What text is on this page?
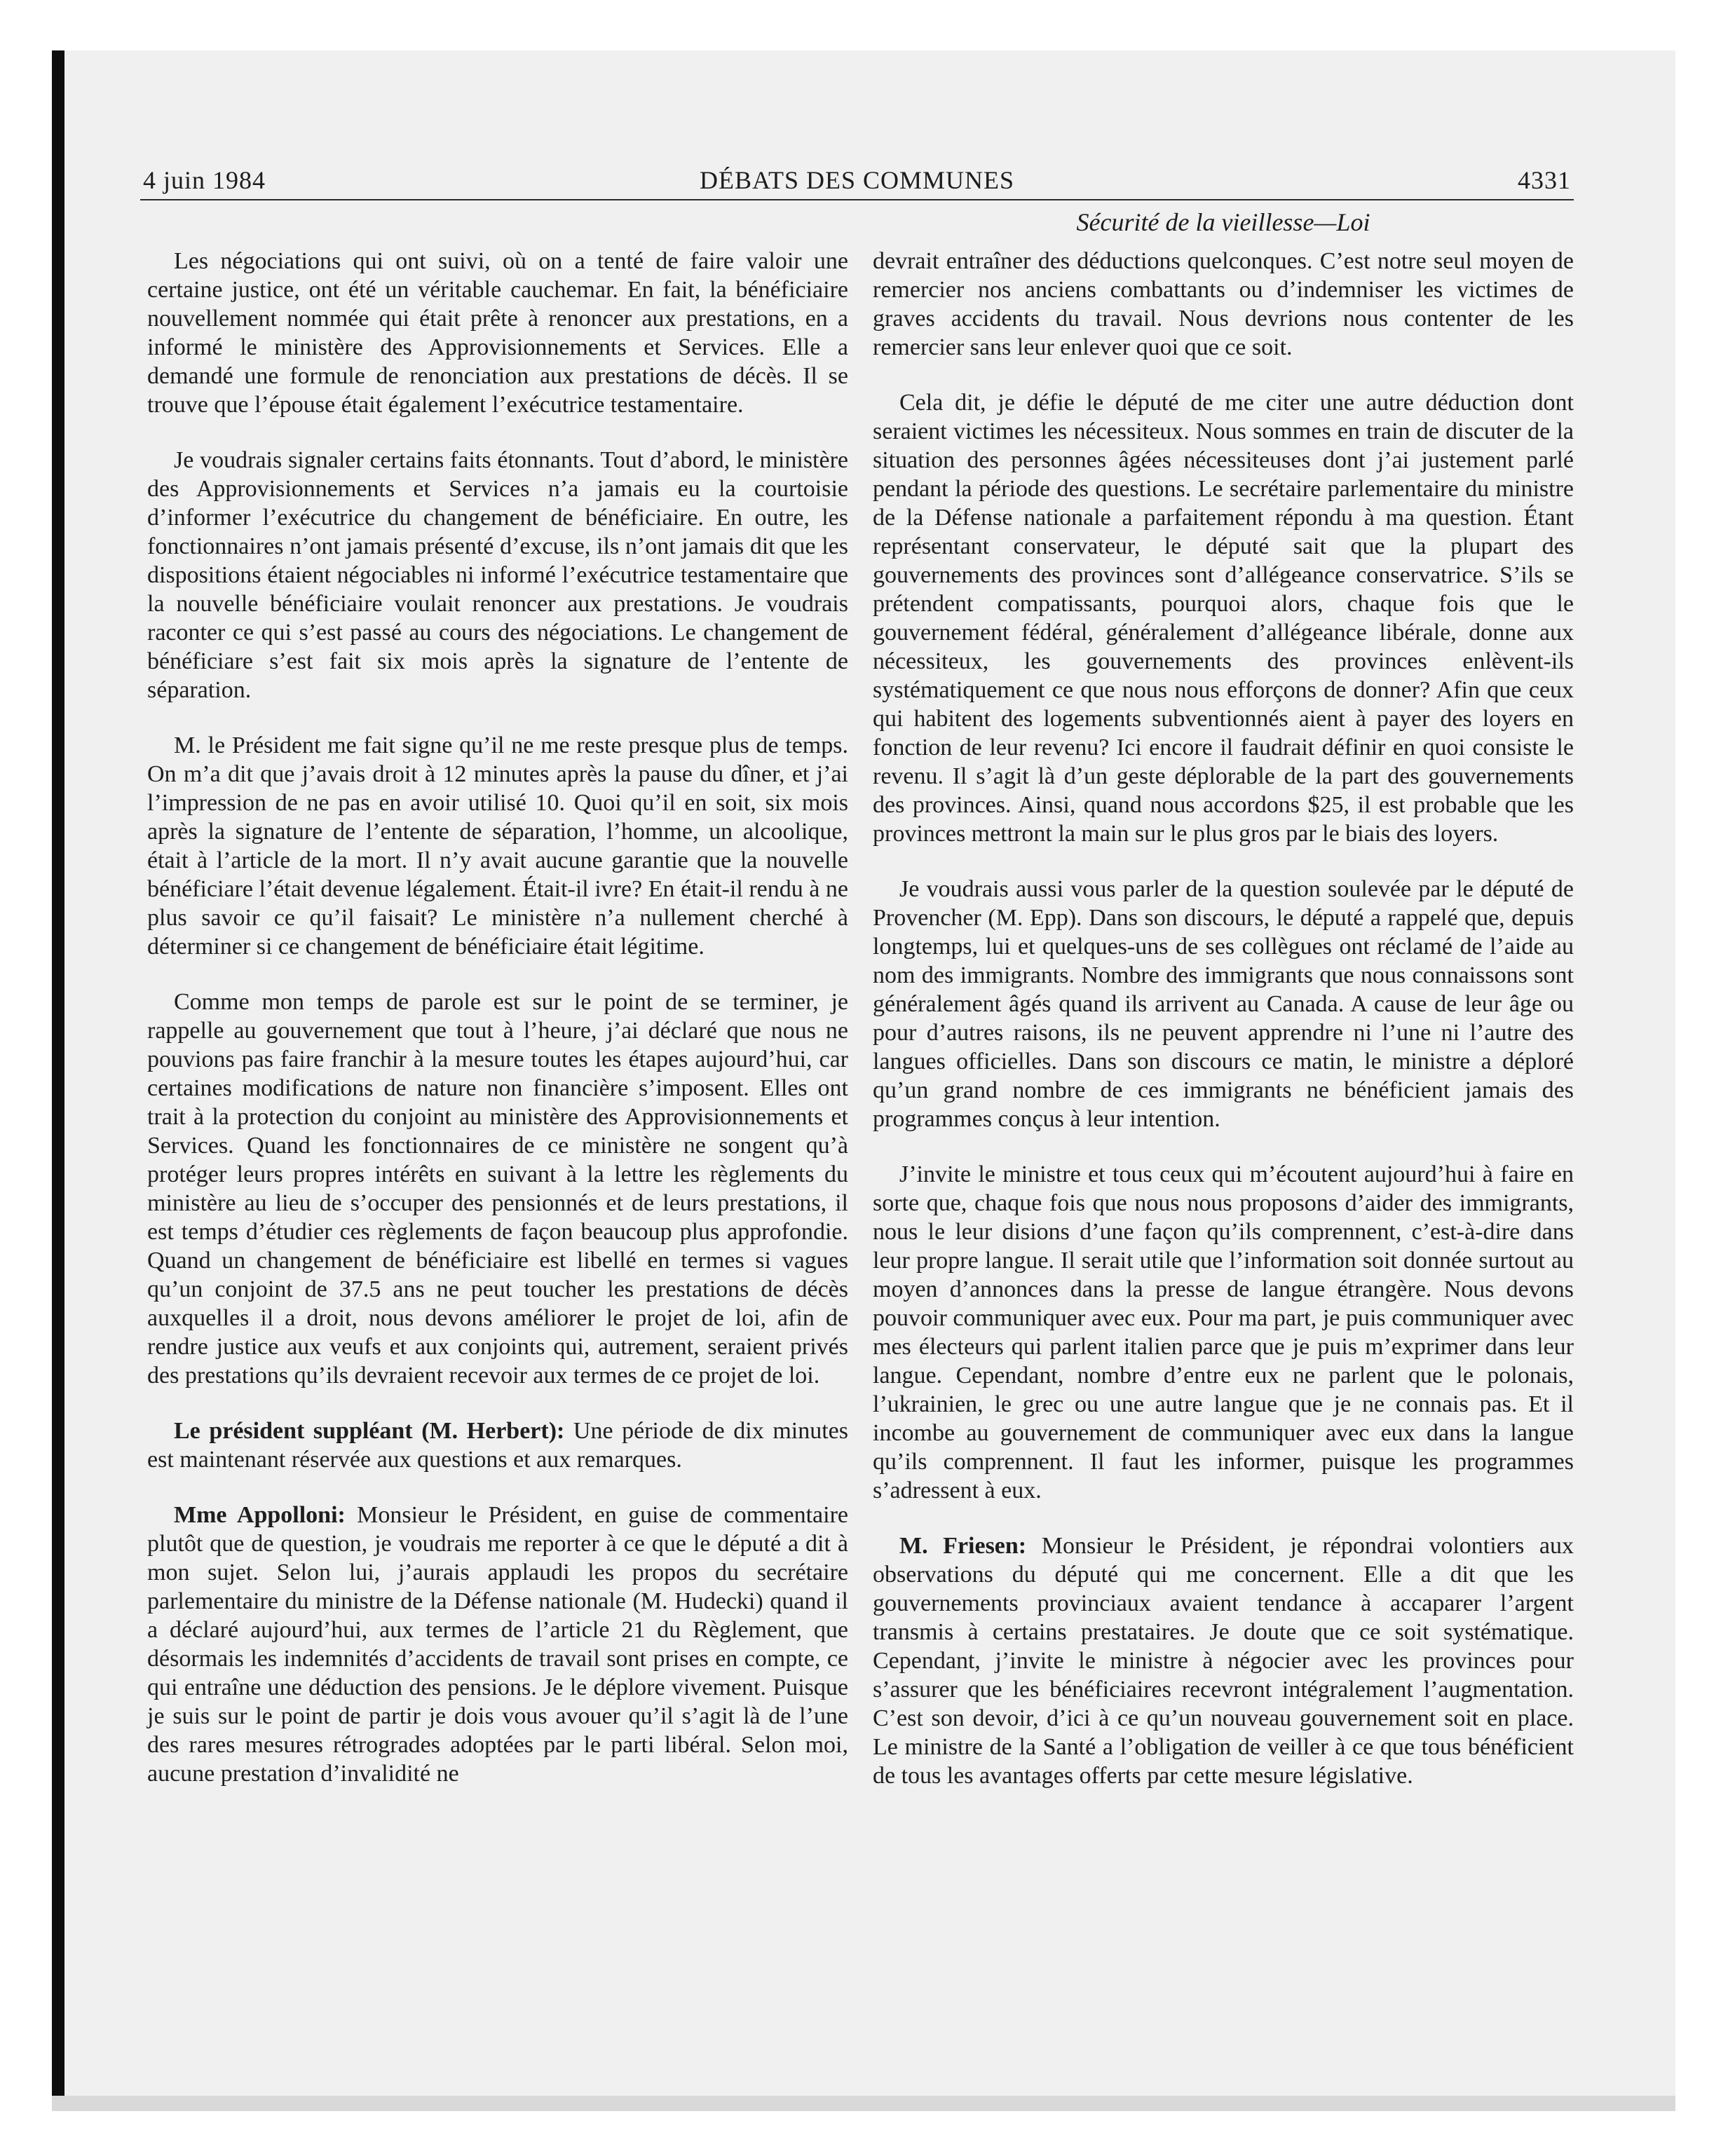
4 juin 1984	DÉBATS DES COMMUNES	4331
Sécurité de la vieillesse—Loi

Les négociations qui ont suivi, où on a tenté de faire valoir une certaine justice, ont été un véritable cauchemar. En fait, la bénéficiaire nouvellement nommée qui était prête à renoncer aux prestations, en a informé le ministère des Approvisionnements et Services. Elle a demandé une formule de renonciation aux prestations de décès. Il se trouve que l’épouse était également l’exécutrice testamentaire.

Je voudrais signaler certains faits étonnants. Tout d’abord, le ministère des Approvisionnements et Services n’a jamais eu la courtoisie d’informer l’exécutrice du changement de bénéficiaire. En outre, les fonctionnaires n’ont jamais présenté d’excuse, ils n’ont jamais dit que les dispositions étaient négociables ni informé l’exécutrice testamentaire que la nouvelle bénéficiaire voulait renoncer aux prestations. Je voudrais raconter ce qui s’est passé au cours des négociations. Le changement de bénéficiare s’est fait six mois après la signature de l’entente de séparation.

M. le Président me fait signe qu’il ne me reste presque plus de temps. On m’a dit que j’avais droit à 12 minutes après la pause du dîner, et j’ai l’impression de ne pas en avoir utilisé 10. Quoi qu’il en soit, six mois après la signature de l’entente de séparation, l’homme, un alcoolique, était à l’article de la mort. Il n’y avait aucune garantie que la nouvelle bénéficiare l’était devenue légalement. Était-il ivre? En était-il rendu à ne plus savoir ce qu’il faisait? Le ministère n’a nullement cherché à déterminer si ce changement de bénéficiaire était légitime.

Comme mon temps de parole est sur le point de se terminer, je rappelle au gouvernement que tout à l’heure, j’ai déclaré que nous ne pouvions pas faire franchir à la mesure toutes les étapes aujourd’hui, car certaines modifications de nature non financière s’imposent. Elles ont trait à la protection du conjoint au ministère des Approvisionnements et Services. Quand les fonctionnaires de ce ministère ne songent qu’à protéger leurs propres intérêts en suivant à la lettre les règlements du ministère au lieu de s’occuper des pensionnés et de leurs prestations, il est temps d’étudier ces règlements de façon beaucoup plus approfondie. Quand un changement de bénéficiaire est libellé en termes si vagues qu’un conjoint de 37.5 ans ne peut toucher les prestations de décès auxquelles il a droit, nous devons améliorer le projet de loi, afin de rendre justice aux veufs et aux conjoints qui, autrement, seraient privés des prestations qu’ils devraient recevoir aux termes de ce projet de loi.

Le président suppléant (M. Herbert): Une période de dix minutes est maintenant réservée aux questions et aux remarques.

Mme Appolloni: Monsieur le Président, en guise de commentaire plutôt que de question, je voudrais me reporter à ce que le député a dit à mon sujet. Selon lui, j’aurais applaudi les propos du secrétaire parlementaire du ministre de la Défense nationale (M. Hudecki) quand il a déclaré aujourd’hui, aux termes de l’article 21 du Règlement, que désormais les indemnités d’accidents de travail sont prises en compte, ce qui entraîne une déduction des pensions. Je le déplore vivement. Puisque je suis sur le point de partir je dois vous avouer qu’il s’agit là de l’une des rares mesures rétrogrades adoptées par le parti libéral. Selon moi, aucune prestation d’invalidité ne

devrait entraîner des déductions quelconques. C’est notre seul moyen de remercier nos anciens combattants ou d’indemniser les victimes de graves accidents du travail. Nous devrions nous contenter de les remercier sans leur enlever quoi que ce soit.

Cela dit, je défie le député de me citer une autre déduction dont seraient victimes les nécessiteux. Nous sommes en train de discuter de la situation des personnes âgées nécessiteuses dont j’ai justement parlé pendant la période des questions. Le secrétaire parlementaire du ministre de la Défense nationale a parfaitement répondu à ma question. Étant représentant conservateur, le député sait que la plupart des gouvernements des provinces sont d’allégeance conservatrice. S’ils se prétendent compatissants, pourquoi alors, chaque fois que le gouvernement fédéral, généralement d’allégeance libérale, donne aux nécessiteux, les gouvernements des provinces enlèvent-ils systématiquement ce que nous nous efforçons de donner? Afin que ceux qui habitent des logements subventionnés aient à payer des loyers en fonction de leur revenu? Ici encore il faudrait définir en quoi consiste le revenu. Il s’agit là d’un geste déplorable de la part des gouvernements des provinces. Ainsi, quand nous accordons $25, il est probable que les provinces mettront la main sur le plus gros par le biais des loyers.

Je voudrais aussi vous parler de la question soulevée par le député de Provencher (M. Epp). Dans son discours, le député a rappelé que, depuis longtemps, lui et quelques-uns de ses collègues ont réclamé de l’aide au nom des immigrants. Nombre des immigrants que nous connaissons sont généralement âgés quand ils arrivent au Canada. A cause de leur âge ou pour d’autres raisons, ils ne peuvent apprendre ni l’une ni l’autre des langues officielles. Dans son discours ce matin, le ministre a déploré qu’un grand nombre de ces immigrants ne bénéficient jamais des programmes conçus à leur intention.

J’invite le ministre et tous ceux qui m’écoutent aujourd’hui à faire en sorte que, chaque fois que nous nous proposons d’aider des immigrants, nous le leur disions d’une façon qu’ils comprennent, c’est-à-dire dans leur propre langue. Il serait utile que l’information soit donnée surtout au moyen d’annonces dans la presse de langue étrangère. Nous devons pouvoir communiquer avec eux. Pour ma part, je puis communiquer avec mes électeurs qui parlent italien parce que je puis m’exprimer dans leur langue. Cependant, nombre d’entre eux ne parlent que le polonais, l’ukrainien, le grec ou une autre langue que je ne connais pas. Et il incombe au gouvernement de communiquer avec eux dans la langue qu’ils comprennent. Il faut les informer, puisque les programmes s’adressent à eux.

M. Friesen: Monsieur le Président, je répondrai volontiers aux observations du député qui me concernent. Elle a dit que les gouvernements provinciaux avaient tendance à accaparer l’argent transmis à certains prestataires. Je doute que ce soit systématique. Cependant, j’invite le ministre à négocier avec les provinces pour s’assurer que les bénéficiaires recevront intégralement l’augmentation. C’est son devoir, d’ici à ce qu’un nouveau gouvernement soit en place. Le ministre de la Santé a l’obligation de veiller à ce que tous bénéficient de tous les avantages offerts par cette mesure législative.
